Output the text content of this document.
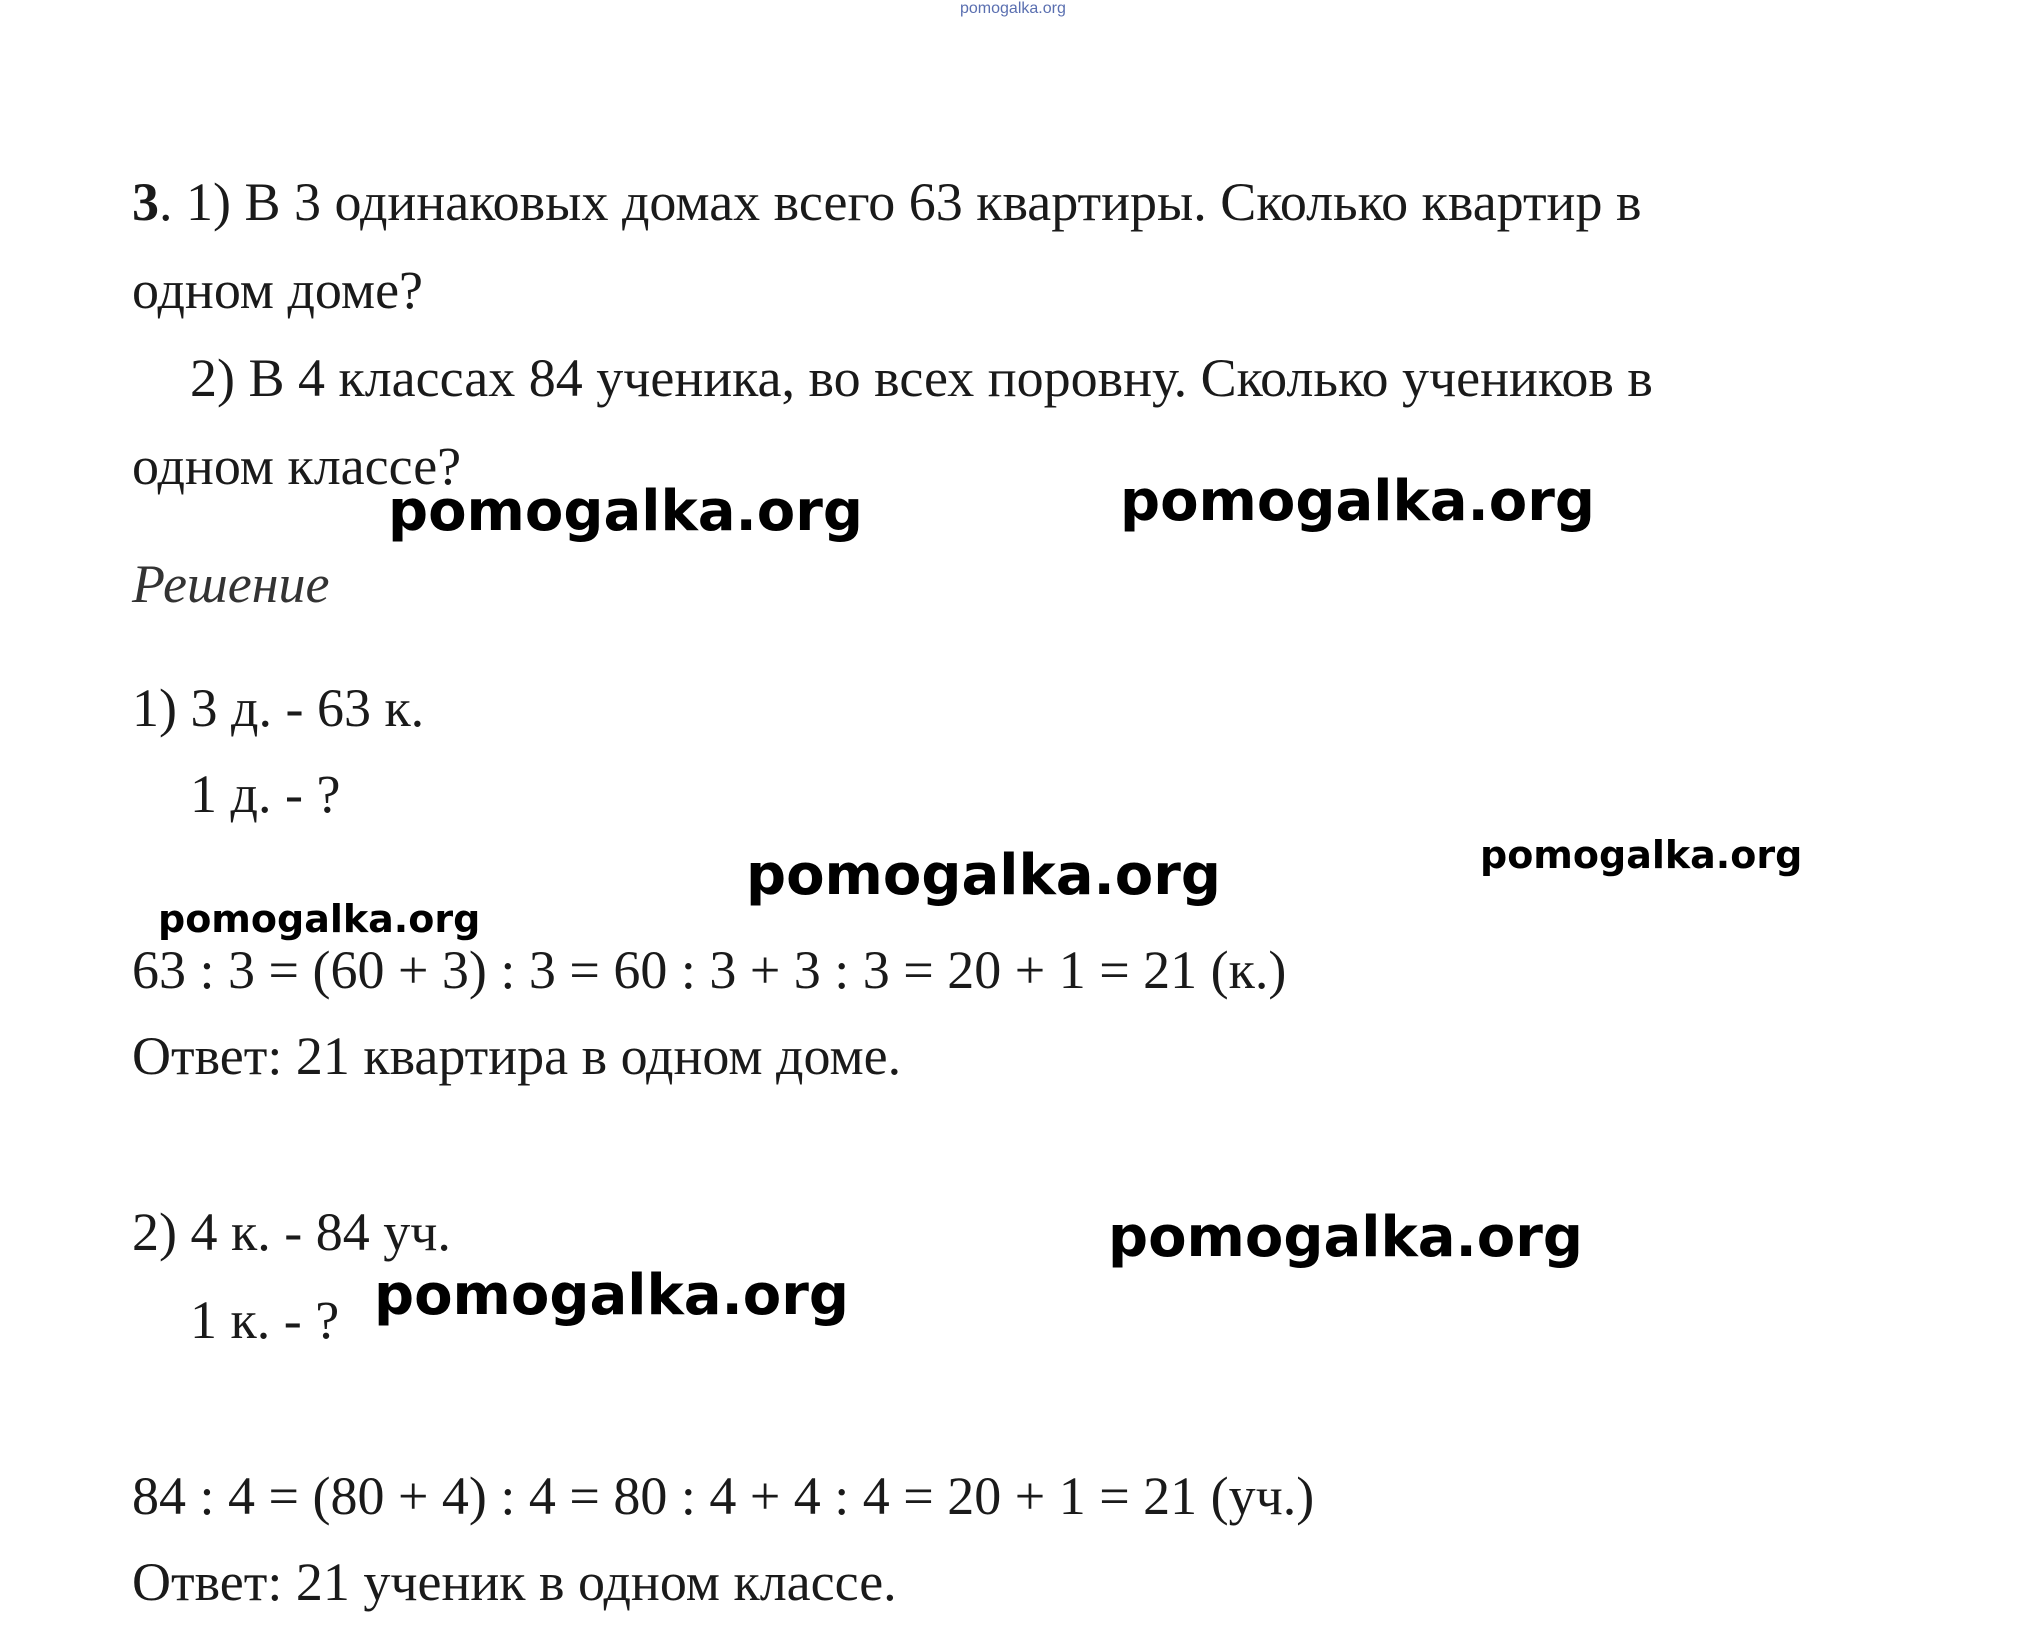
pomogalka.org
3. 1) В 3 одинаковых домах всего 63 квартиры. Сколько квартир в
одном доме?
2) В 4 классах 84 ученика, во всех поровну. Сколько учеников в
одном классе?
Решение
1) 3 д. - 63 к.
1 д. - ?
63 : 3 = (60 + 3) : 3 = 60 : 3 + 3 : 3 = 20 + 1 = 21 (к.)
Ответ: 21 квартира в одном доме.
2) 4 к. - 84 уч.
1 к. - ?
84 : 4 = (80 + 4) : 4 = 80 : 4 + 4 : 4 = 20 + 1 = 21 (уч.)
Ответ: 21 ученик в одном классе.
pomogalka.org	pomogalka.org
pomogalka.org	pomogalka.org
pomogalka.org
pomogalka.org
pomogalka.org
